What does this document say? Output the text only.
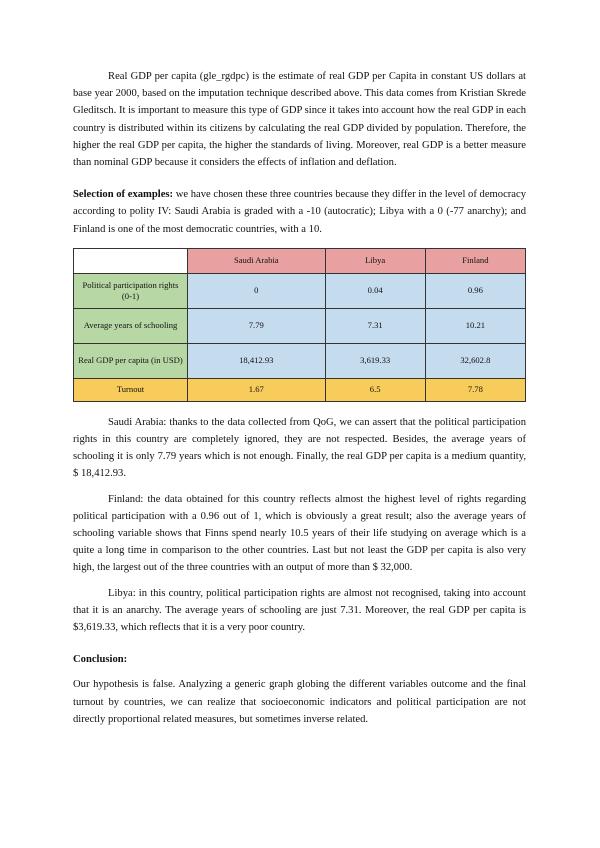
Real GDP per capita (gle_rgdpc) is the estimate of real GDP per Capita in constant US dollars at base year 2000, based on the imputation technique described above. This data comes from Kristian Skrede Gleditsch. It is important to measure this type of GDP since it takes into account how the real GDP in each country is distributed within its citizens by calculating the real GDP divided by population. Therefore, the higher the real GDP per capita, the higher the standards of living. Moreover, real GDP is a better measure than nominal GDP because it considers the effects of inflation and deflation.

Selection of examples: we have chosen these three countries because they differ in the level of democracy according to polity IV: Saudi Arabia is graded with a -10 (autocratic); Libya with a 0 (-77 anarchy); and Finland is one of the most democratic countries, with a 10.

	Saudi Arabia	Libya	Finland
Political participation rights (0-1)	0	0.04	0.96
Average years of schooling	7.79	7.31	10.21
Real GDP per capita (in USD)	18,412.93	3,619.33	32,602.8
Turnout	1.67	6.5	7.78

Saudi Arabia: thanks to the data collected from QoG, we can assert that the political participation rights in this country are completely ignored, they are not respected. Besides, the average years of schooling it is only 7.79 years which is not enough. Finally, the real GDP per capita is a medium quantity, $ 18,412.93.

Finland: the data obtained for this country reflects almost the highest level of rights regarding political participation with a 0.96 out of 1, which is obviously a great result; also the average years of schooling variable shows that Finns spend nearly 10.5 years of their life studying on average which is a quite a long time in comparison to the other countries. Last but not least the GDP per capita is also very high, the largest out of the three countries with an output of more than $ 32,000.

Libya: in this country, political participation rights are almost not recognised, taking into account that it is an anarchy. The average years of schooling are just 7.31. Moreover, the real GDP per capita is $3,619.33, which reflects that it is a very poor country.

Conclusion:

Our hypothesis is false. Analyzing a generic graph globing the different variables outcome and the final turnout by countries, we can realize that socioeconomic indicators and political participation are not directly proportional related measures, but sometimes inverse related.
